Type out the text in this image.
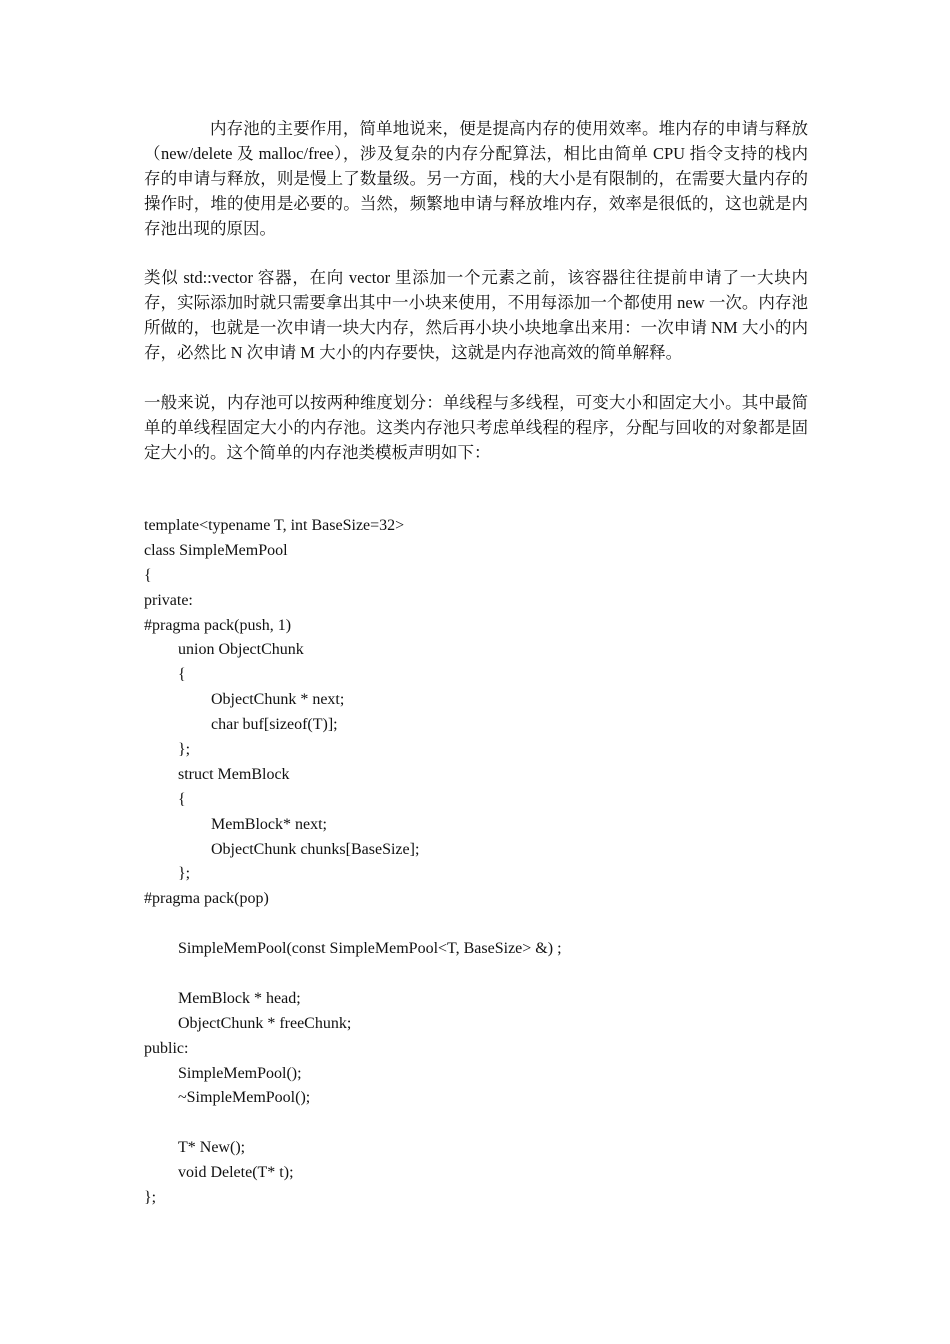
内存池的主要作用，简单地说来，便是提高内存的使用效率。堆内存的申请与释放（new/delete 及 malloc/free），涉及复杂的内存分配算法，相比由简单 CPU 指令支持的栈内存的申请与释放，则是慢上了数量级。另一方面，栈的大小是有限制的，在需要大量内存的操作时，堆的使用是必要的。当然，频繁地申请与释放堆内存，效率是很低的，这也就是内存池出现的原因。

类似 std::vector 容器，在向 vector 里添加一个元素之前，该容器往往提前申请了一大块内存，实际添加时就只需要拿出其中一小块来使用，不用每添加一个都使用 new 一次。内存池所做的，也就是一次申请一块大内存，然后再小块小块地拿出来用：一次申请 NM 大小的内存，必然比 N 次申请 M 大小的内存要快，这就是内存池高效的简单解释。

一般来说，内存池可以按两种维度划分：单线程与多线程，可变大小和固定大小。其中最简单的单线程固定大小的内存池。这类内存池只考虑单线程的程序，分配与回收的对象都是固定大小的。这个简单的内存池类模板声明如下：

template<typename T, int BaseSize=32>
class SimpleMemPool
{
private:
#pragma pack(push, 1)
union ObjectChunk
{
ObjectChunk * next;
char buf[sizeof(T)];
};
struct MemBlock
{
MemBlock* next;
ObjectChunk chunks[BaseSize];
};
#pragma pack(pop)
SimpleMemPool(const SimpleMemPool<T, BaseSize> &) ;
MemBlock * head;
ObjectChunk * freeChunk;
public:
SimpleMemPool();
~SimpleMemPool();
T* New();
void Delete(T* t);
};
